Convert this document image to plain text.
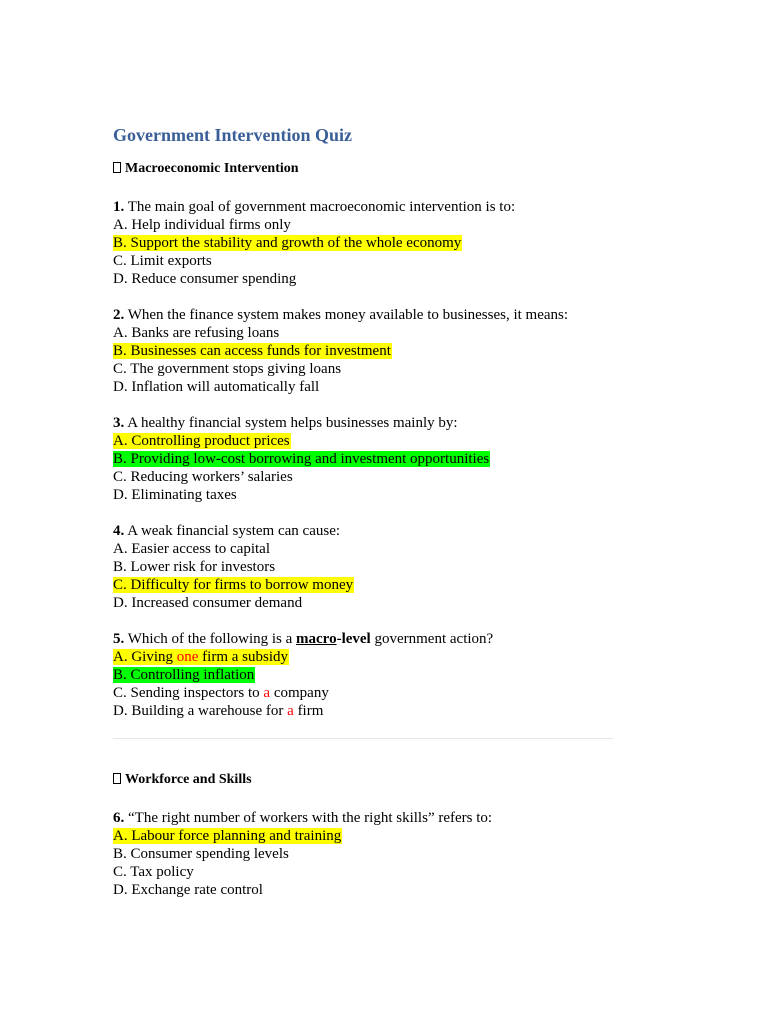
Government Intervention Quiz
Macroeconomic Intervention
1. The main goal of government macroeconomic intervention is to:
A. Help individual firms only
B. Support the stability and growth of the whole economy
C. Limit exports
D. Reduce consumer spending
2. When the finance system makes money available to businesses, it means:
A. Banks are refusing loans
B. Businesses can access funds for investment
C. The government stops giving loans
D. Inflation will automatically fall
3. A healthy financial system helps businesses mainly by:
A. Controlling product prices
B. Providing low-cost borrowing and investment opportunities
C. Reducing workers’ salaries
D. Eliminating taxes
4. A weak financial system can cause:
A. Easier access to capital
B. Lower risk for investors
C. Difficulty for firms to borrow money
D. Increased consumer demand
5. Which of the following is a macro-level government action?
A. Giving one firm a subsidy
B. Controlling inflation
C. Sending inspectors to a company
D. Building a warehouse for a firm
Workforce and Skills
6. “The right number of workers with the right skills” refers to:
A. Labour force planning and training
B. Consumer spending levels
C. Tax policy
D. Exchange rate control
